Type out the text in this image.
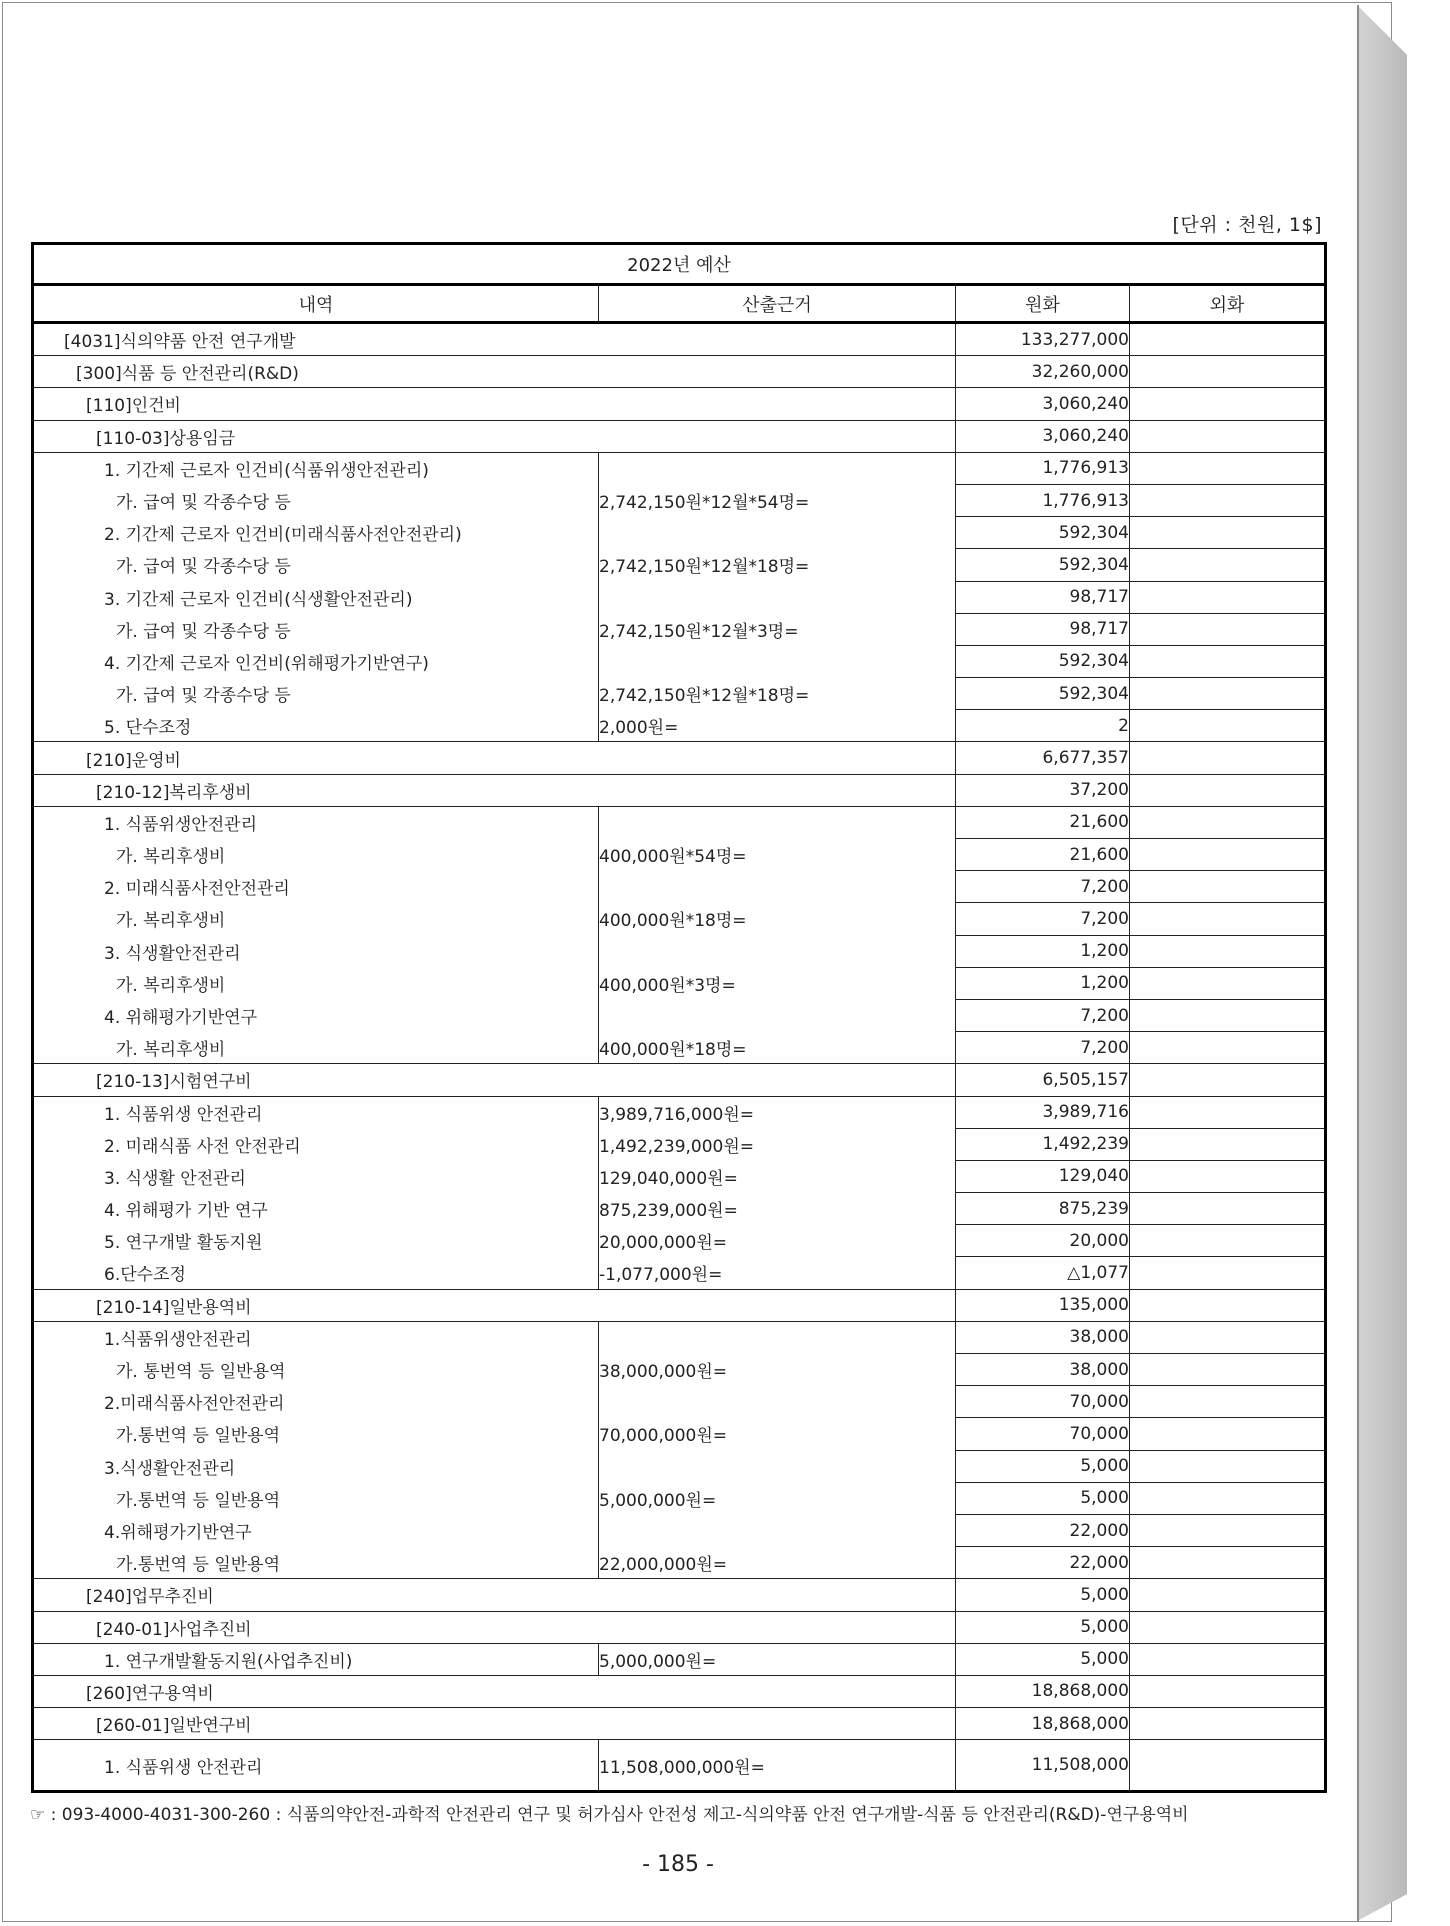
[단위 : 천원, 1$]
2022년 예산			
내역	산출근거	원화	외화
[4031]식의약품 안전 연구개발		133,277,000	
[300]식품 등 안전관리(R&D)		32,260,000	
[110]인건비		3,060,240	
[110-03]상용임금		3,060,240	
1. 기간제 근로자 인건비(식품위생안전관리)		1,776,913	
가. 급여 및 각종수당 등	2,742,150원*12월*54명=	1,776,913	
2. 기간제 근로자 인건비(미래식품사전안전관리)		592,304	
가. 급여 및 각종수당 등	2,742,150원*12월*18명=	592,304	
3. 기간제 근로자 인건비(식생활안전관리)		98,717	
가. 급여 및 각종수당 등	2,742,150원*12월*3명=	98,717	
4. 기간제 근로자 인건비(위해평가기반연구)		592,304	
가. 급여 및 각종수당 등	2,742,150원*12월*18명=	592,304	
5. 단수조정	2,000원=	2	
[210]운영비		6,677,357	
[210-12]복리후생비		37,200	
1. 식품위생안전관리		21,600	
가. 복리후생비	400,000원*54명=	21,600	
2. 미래식품사전안전관리		7,200	
가. 복리후생비	400,000원*18명=	7,200	
3. 식생활안전관리		1,200	
가. 복리후생비	400,000원*3명=	1,200	
4. 위해평가기반연구		7,200	
가. 복리후생비	400,000원*18명=	7,200	
[210-13]시험연구비		6,505,157	
1. 식품위생 안전관리	3,989,716,000원=	3,989,716	
2. 미래식품 사전 안전관리	1,492,239,000원=	1,492,239	
3. 식생활 안전관리	129,040,000원=	129,040	
4. 위해평가 기반 연구	875,239,000원=	875,239	
5. 연구개발 활동지원	20,000,000원=	20,000	
6.단수조정	-1,077,000원=	△1,077	
[210-14]일반용역비		135,000	
1.식품위생안전관리		38,000	
가. 통번역 등 일반용역	38,000,000원=	38,000	
2.미래식품사전안전관리		70,000	
가.통번역 등 일반용역	70,000,000원=	70,000	
3.식생활안전관리		5,000	
가.통번역 등 일반용역	5,000,000원=	5,000	
4.위해평가기반연구		22,000	
가.통번역 등 일반용역	22,000,000원=	22,000	
[240]업무추진비		5,000	
[240-01]사업추진비		5,000	
1. 연구개발활동지원(사업추진비)	5,000,000원=	5,000	
[260]연구용역비		18,868,000	
[260-01]일반연구비		18,868,000	
1. 식품위생 안전관리	11,508,000,000원=	11,508,000	
☞ : 093-4000-4031-300-260 : 식품의약안전-과학적 안전관리 연구 및 허가심사 안전성 제고-식의약품 안전 연구개발-식품 등 안전관리(R&D)-연구용역비
- 185 -
